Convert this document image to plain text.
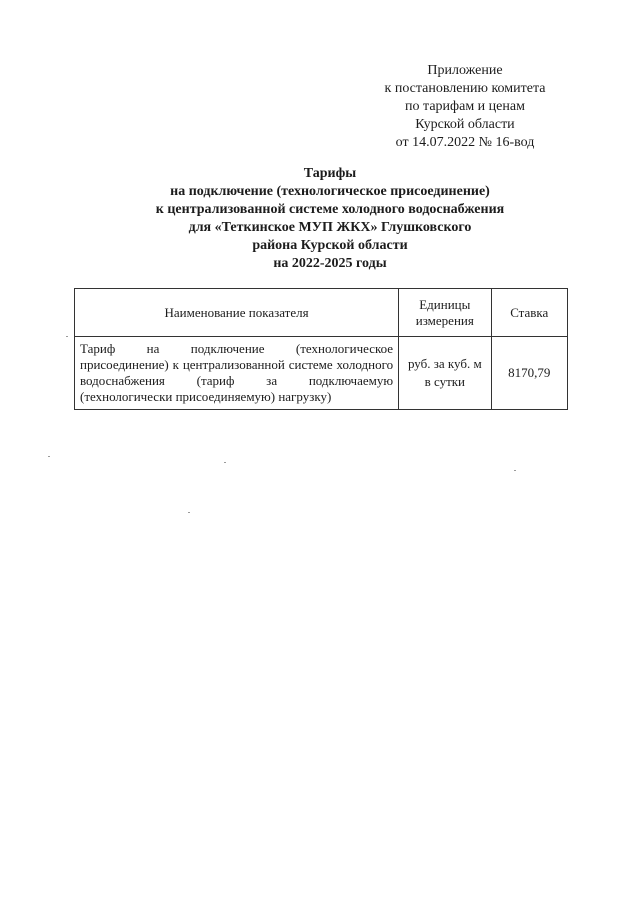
Приложение
к постановлению комитета
по тарифам и ценам
Курской области
от 14.07.2022 № 16-вод
Тарифы
на подключение (технологическое присоединение)
к централизованной системе холодного водоснабжения
для «Теткинское МУП ЖКХ» Глушковского
района Курской области
на 2022-2025 годы
Наименование показателя	Единицы измерения	Ставка
Тариф на подключение (технологическое присоединение) к централизованной системе холодного водоснабжения (тариф за подключаемую (технологически присоединяемую) нагрузку)	руб. за куб. м в сутки	8170,79
